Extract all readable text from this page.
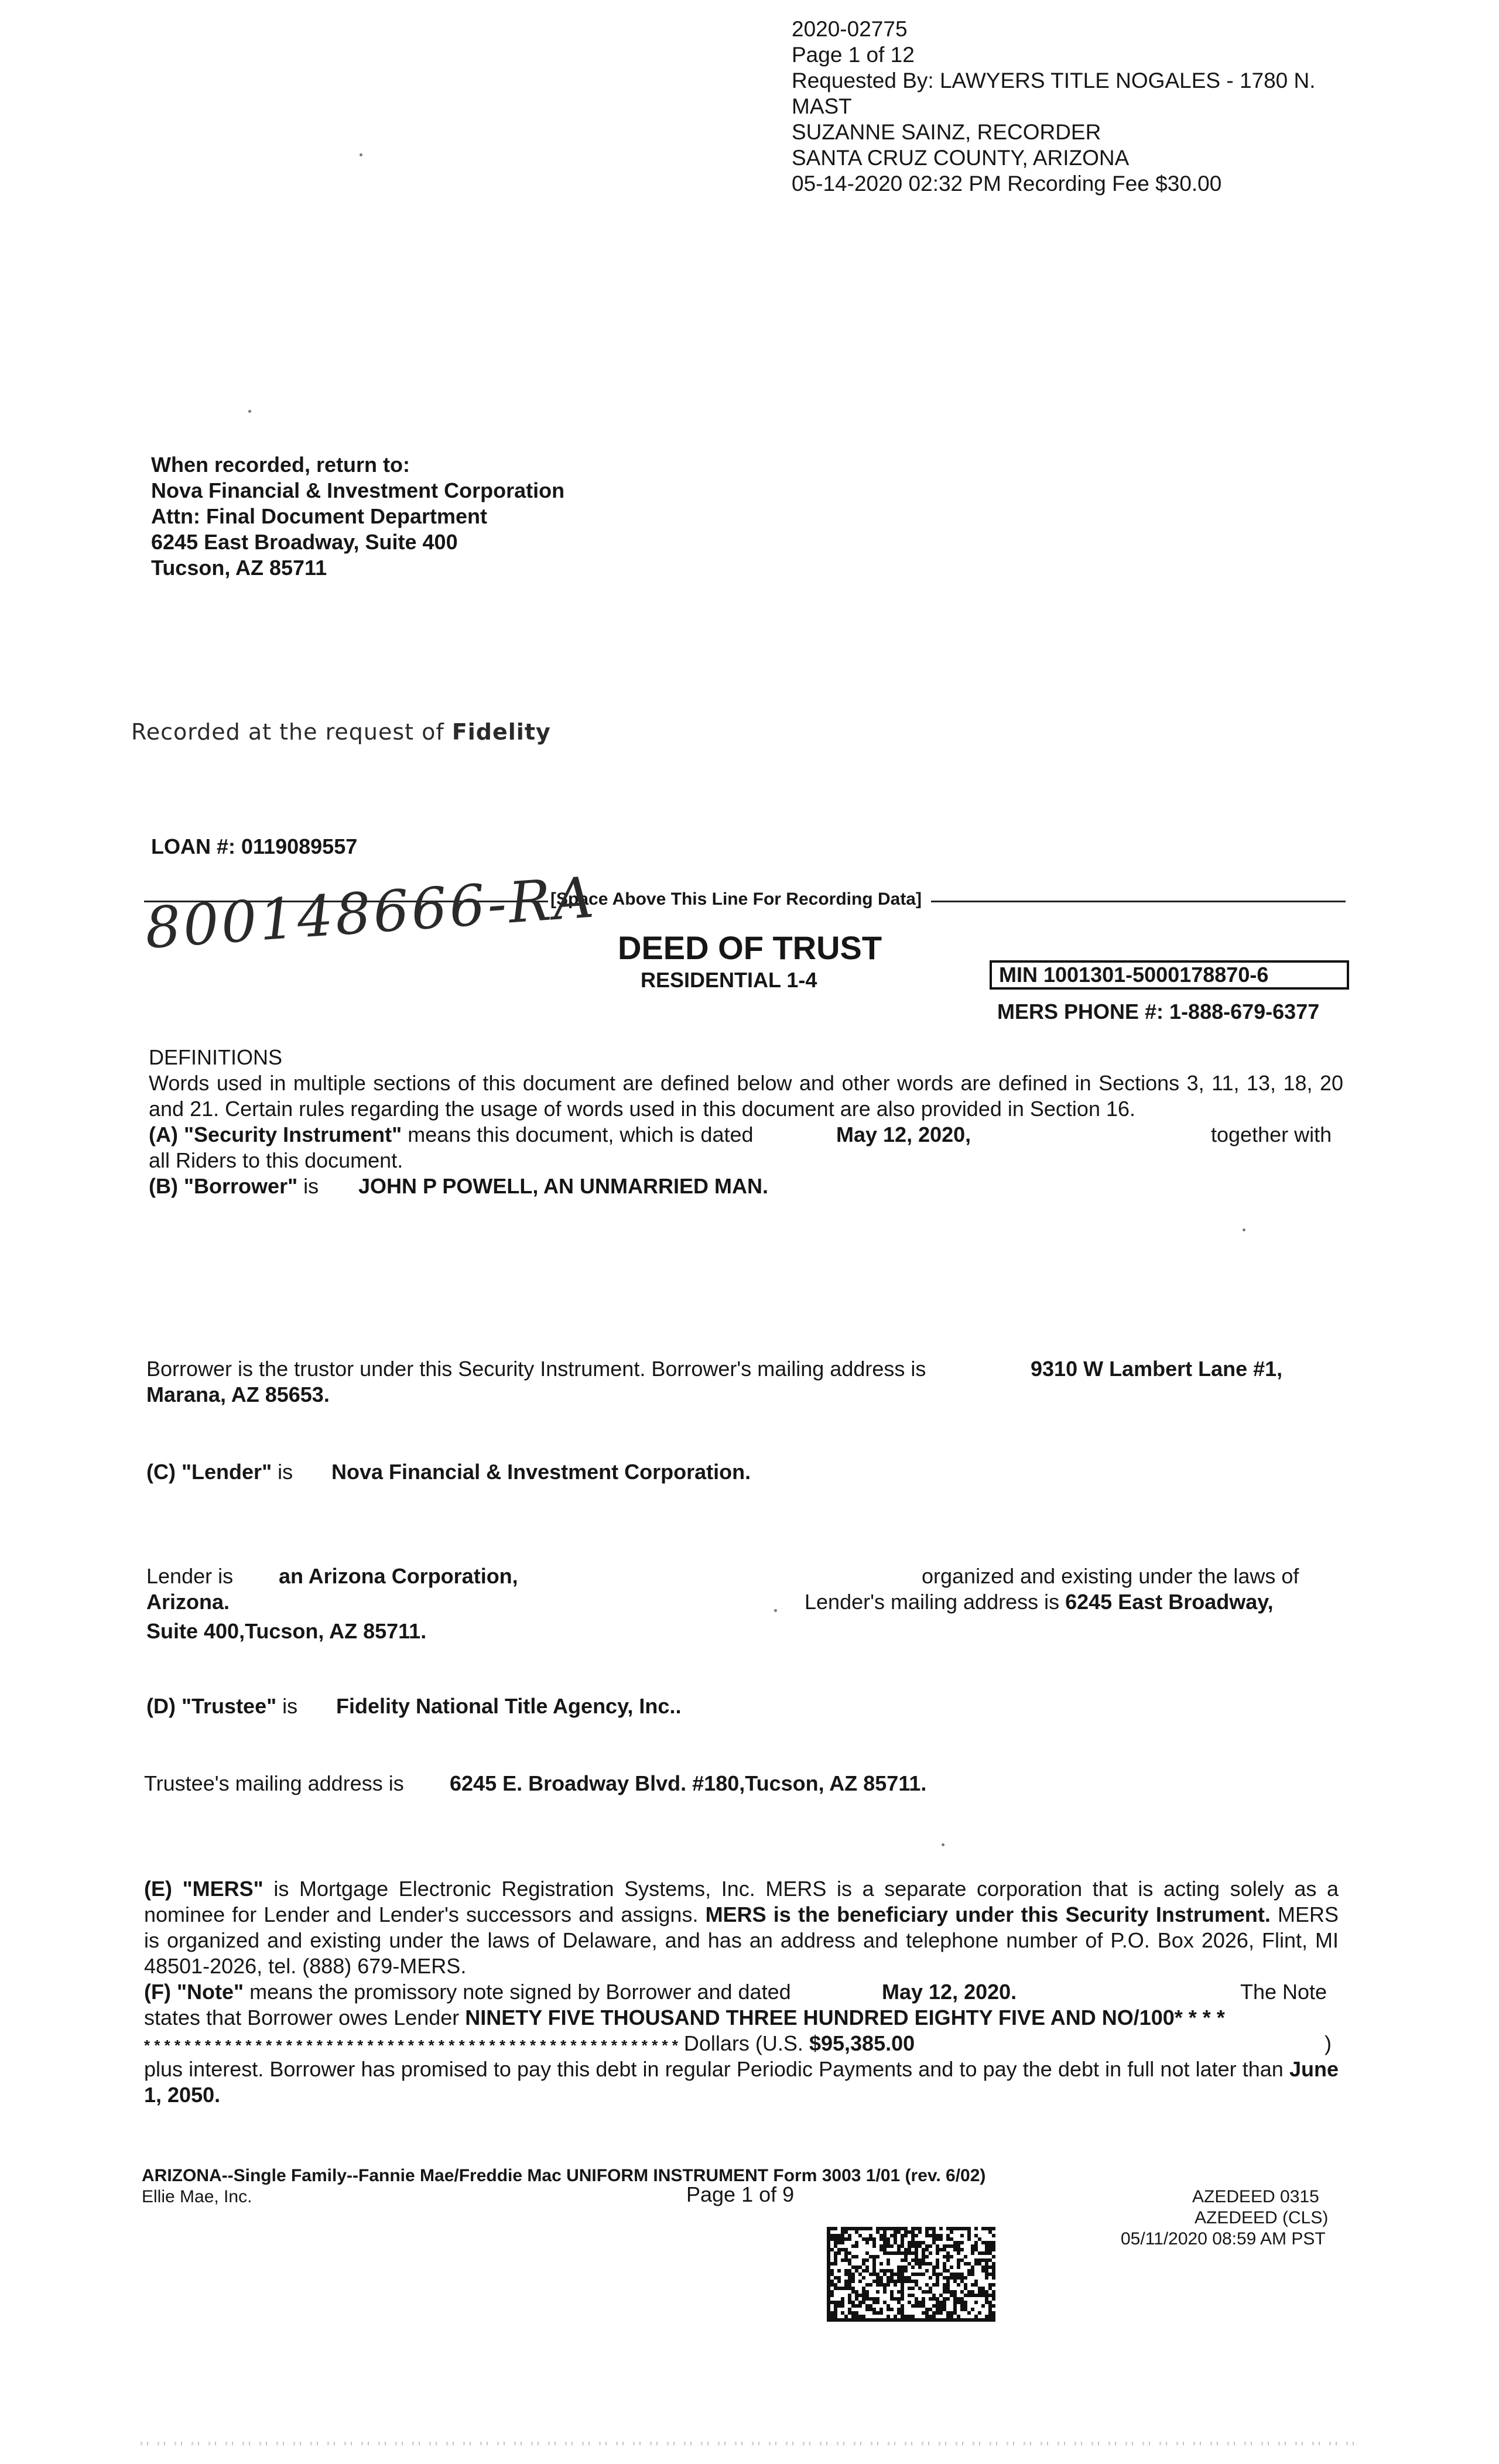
2020-02775
Page 1 of 12
Requested By: LAWYERS TITLE NOGALES - 1780 N.
MAST
SUZANNE SAINZ, RECORDER
SANTA CRUZ COUNTY, ARIZONA
05-14-2020 02:32 PM Recording Fee $30.00
When recorded, return to:
Nova Financial & Investment Corporation
Attn: Final Document Department
6245 East Broadway, Suite 400
Tucson, AZ 85711
Recorded at the request of Fidelity
LOAN #: 0119089557
[Space Above This Line For Recording Data]
800148666-RA DEED OF TRUST
RESIDENTIAL 1-4	MIN 1001301-5000178870-6
MERS PHONE #: 1-888-679-6377
DEFINITIONS
Words used in multiple sections of this document are defined below and other words are defined in Sections 3, 11, 13, 18, 20 and 21. Certain rules regarding the usage of words used in this document are also provided in Section 16.
(A) "Security Instrument" means this document, which is dated	May 12, 2020,	together with
all Riders to this document.
(B) "Borrower" is JOHN P POWELL, AN UNMARRIED MAN.
Borrower is the trustor under this Security Instrument. Borrower's mailing address is	9310 W Lambert Lane #1,
Marana, AZ 85653.
(C) "Lender" is Nova Financial & Investment Corporation.
Lender is an Arizona Corporation,	organized and existing under the laws of
Arizona.	Lender's mailing address is 6245 East Broadway,
Suite 400,Tucson, AZ 85711.
(D) "Trustee" is Fidelity National Title Agency, Inc..
Trustee's mailing address is 6245 E. Broadway Blvd. #180,Tucson, AZ 85711.
(E) "MERS" is Mortgage Electronic Registration Systems, Inc. MERS is a separate corporation that is acting solely as a nominee for Lender and Lender's successors and assigns. MERS is the beneficiary under this Security Instrument. MERS is organized and existing under the laws of Delaware, and has an address and telephone number of P.O. Box 2026, Flint, MI 48501-2026, tel. (888) 679-MERS.
(F) "Note" means the promissory note signed by Borrower and dated	May 12, 2020.	The Note
states that Borrower owes Lender NINETY FIVE THOUSAND THREE HUNDRED EIGHTY FIVE AND NO/100* * * *
* * * * * * * * * * * * * * * * * * * * * * * * * * * * * * * * * * * * * * * * * * * * * * * * * * * * * Dollars (U.S. $95,385.00	)
plus interest. Borrower has promised to pay this debt in regular Periodic Payments and to pay the debt in full not later than June 1, 2050.
ARIZONA--Single Family--Fannie Mae/Freddie Mac UNIFORM INSTRUMENT Form 3003 1/01 (rev. 6/02)
Ellie Mae, Inc.	Page 1 of 9	AZEDEED 0315
AZEDEED (CLS)
05/11/2020 08:59 AM PST
